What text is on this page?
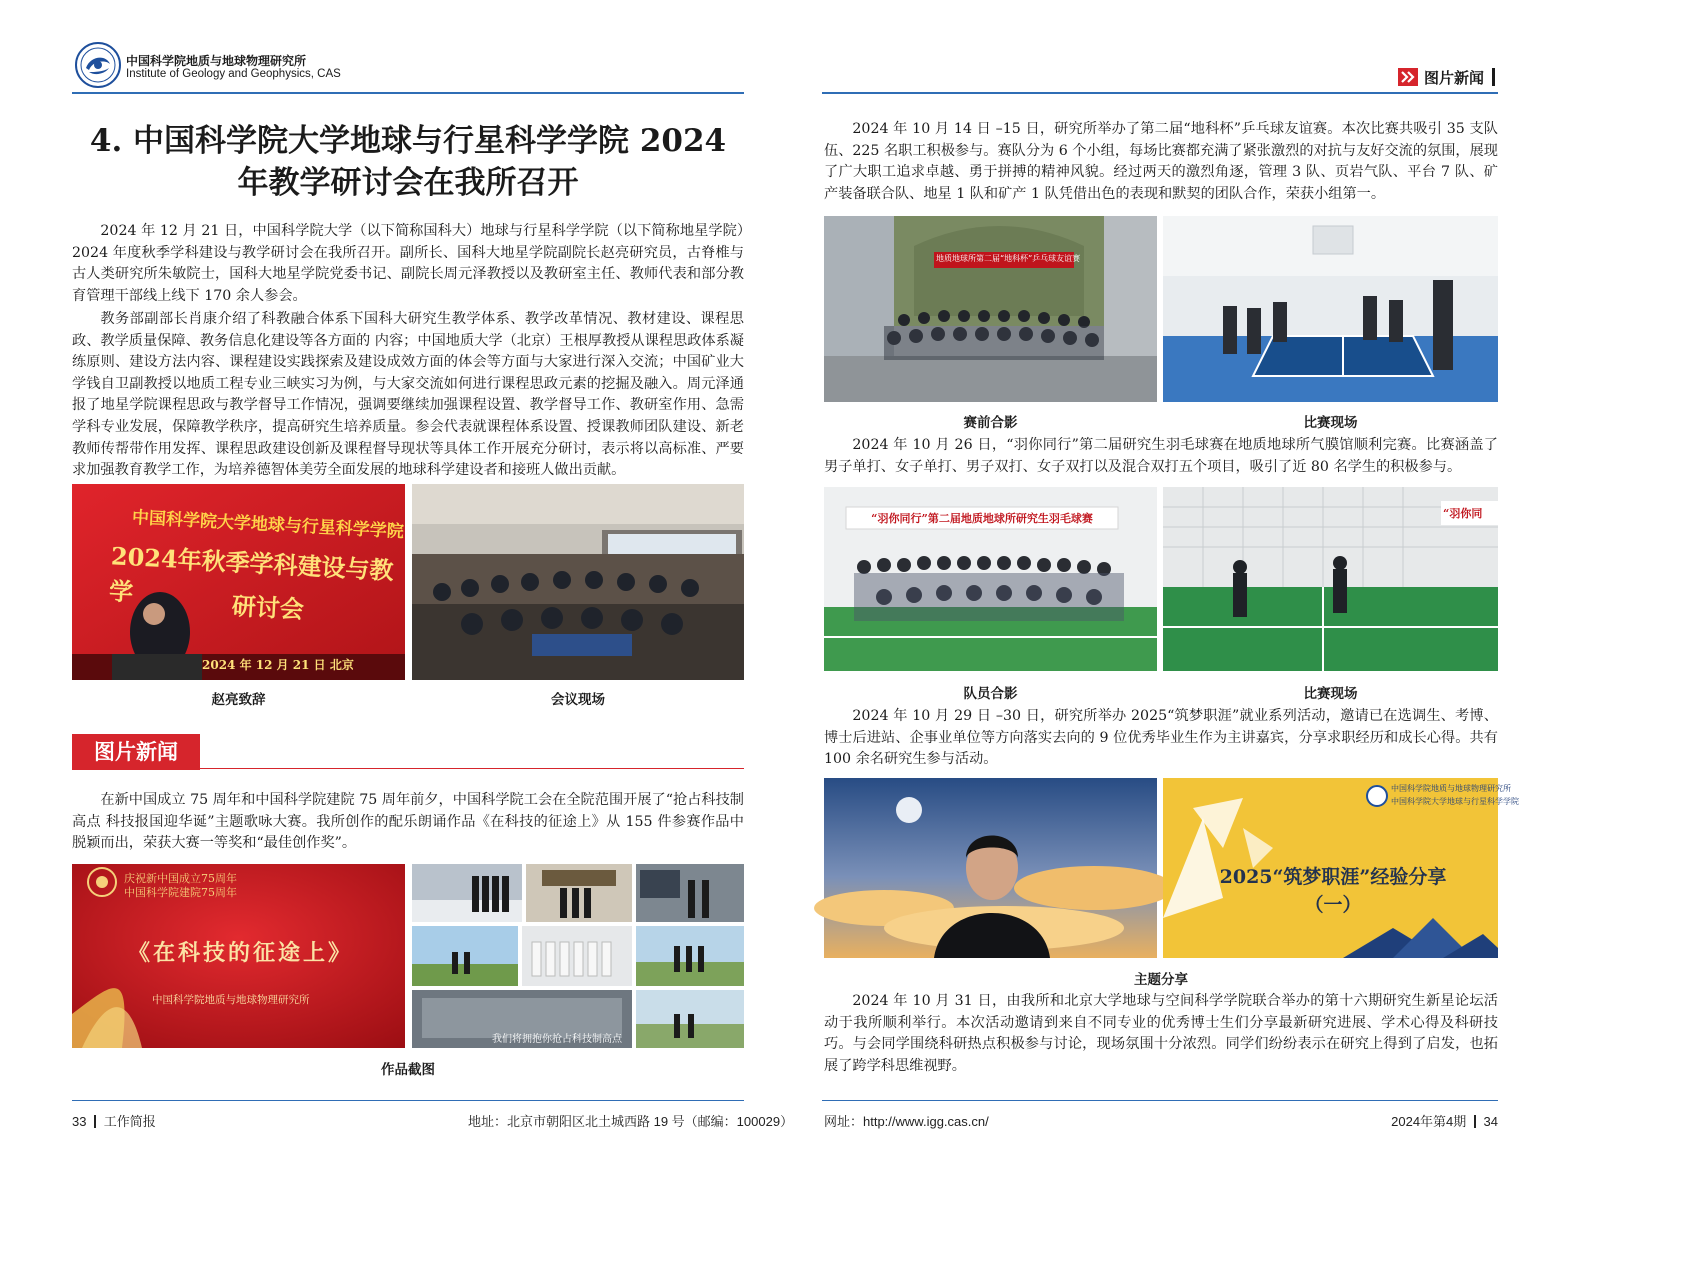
中国科学院地质与地球物理研究所
Institute of Geology and Geophysics, CAS	图片新闻
4. 中国科学院大学地球与行星科学学院 2024
年教学研讨会在我所召开

2024 年 12 月 21 日，中国科学院大学（以下简称国科大）地球与行星科学学院（以下简称地星学院）2024 年度秋季学科建设与教学研讨会在我所召开。副所长、国科大地星学院副院长赵亮研究员，古脊椎与古人类研究所朱敏院士，国科大地星学院党委书记、副院长周元泽教授以及教研室主任、教师代表和部分教育管理干部线上线下 170 余人参会。

教务部副部长肖康介绍了科教融合体系下国科大研究生教学体系、教学改革情况、教材建设、课程思政、教学质量保障、教务信息化建设等各方面的 内容；中国地质大学（北京）王根厚教授从课程思政体系凝练原则、建设方法内容、课程建设实践探索及建设成效方面的体会等方面与大家进行深入交流；中国矿业大学钱自卫副教授以地质工程专业三峡实习为例，与大家交流如何进行课程思政元素的挖掘及融入。周元泽通报了地星学院课程思政与教学督导工作情况，强调要继续加强课程设置、教学督导工作、教研室作用、急需学科专业发展，保障教学秩序，提高研究生培养质量。参会代表就课程体系设置、授课教师团队建设、新老教师传帮带作用发挥、课程思政建设创新及课程督导现状等具体工作开展充分研讨，表示将以高标准、严要求加强教育教学工作，为培养德智体美劳全面发展的地球科学建设者和接班人做出贡献。

中国科学院大学地球与行星科学学院
2024年秋季学科建设与教学	研讨会
2024 年 12 月 21 日 北京
赵亮致辞	会议现场
图片新闻

在新中国成立 75 周年和中国科学院建院 75 周年前夕，中国科学院工会在全院范围开展了“抢占科技制高点 科技报国迎华诞”主题歌咏大赛。我所创作的配乐朗诵作品《在科技的征途上》从 155 件参赛作品中脱颖而出，荣获大赛一等奖和“最佳创作奖”。

庆祝新中国成立75周年
中国科学院建院75周年
《在科技的征途上》
中国科学院地质与地球物理研究所
我们将拥抱你抢占科技制高点
作品截图

2024 年 10 月 14 日 –15 日，研究所举办了第二届“地科杯”乒乓球友谊赛。本次比赛共吸引 35 支队伍、225 名职工积极参与。赛队分为 6 个小组，每场比赛都充满了紧张激烈的对抗与友好交流的氛围，展现了广大职工追求卓越、勇于拼搏的精神风貌。经过两天的激烈角逐，管理 3 队、页岩气队、平台 7 队、矿产装备联合队、地星 1 队和矿产 1 队凭借出色的表现和默契的团队合作，荣获小组第一。

地质地球所第二届“地科杯”乒乓球友谊赛
赛前合影	比赛现场

2024 年 10 月 26 日，“羽你同行”第二届研究生羽毛球赛在地质地球所气膜馆顺利完赛。比赛涵盖了男子单打、女子单打、男子双打、女子双打以及混合双打五个项目，吸引了近 80 名学生的积极参与。

“羽你同行”第二届地质地球所研究生羽毛球赛	“羽你同
队员合影	比赛现场

2024 年 10 月 29 日 –30 日，研究所举办 2025“筑梦职涯”就业系列活动，邀请已在选调生、考博、博士后进站、企事业单位等方向落实去向的 9 位优秀毕业生作为主讲嘉宾，分享求职经历和成长心得。共有 100 余名研究生参与活动。

中国科学院地质与地球物理研究所
中国科学院大学地球与行星科学学院
2025“筑梦职涯”经验分享
（一）
主题分享

2024 年 10 月 31 日，由我所和北京大学地球与空间科学学院联合举办的第十六期研究生新星论坛活动于我所顺利举行。本次活动邀请到来自不同专业的优秀博士生们分享最新研究进展、学术心得及科研技巧。与会同学围绕科研热点积极参与讨论，现场氛围十分浓烈。同学们纷纷表示在研究上得到了启发，也拓展了跨学科思维视野。

33 工作简报	地址：北京市朝阳区北土城西路 19 号（邮编：100029） 网址：http://www.igg.cas.cn/	2024年第4期 34
